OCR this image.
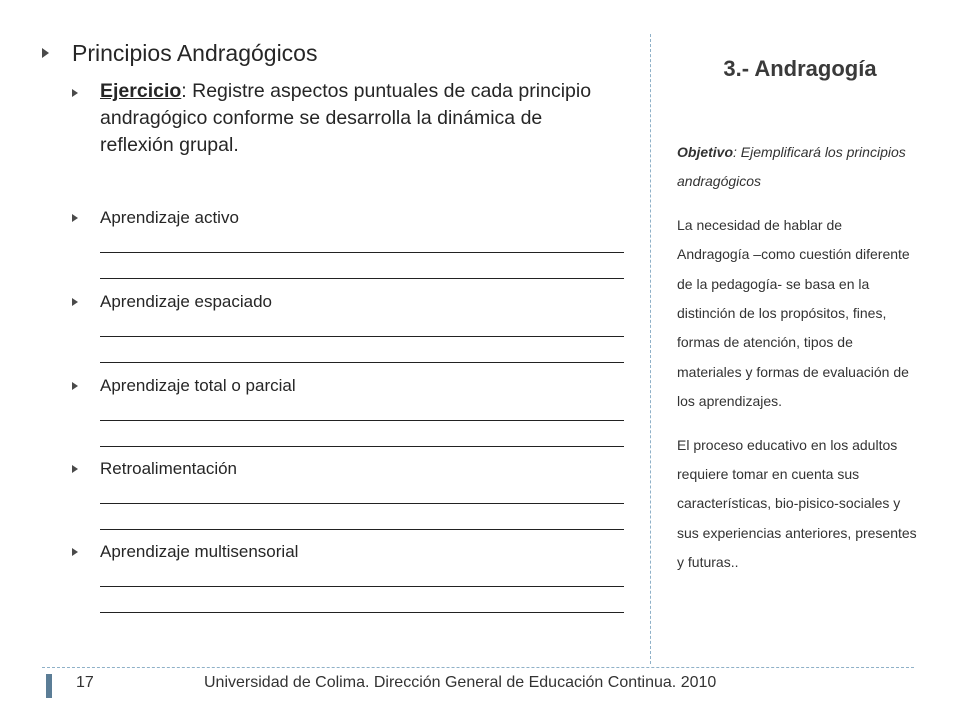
Principios Andragógicos
Ejercicio: Registre aspectos puntuales de cada principio andragógico conforme se desarrolla la dinámica de reflexión grupal.
Aprendizaje activo
Aprendizaje espaciado
Aprendizaje total o parcial
Retroalimentación
Aprendizaje multisensorial
3.- Andragogía

Objetivo: Ejemplificará los principios andragógicos

La necesidad de hablar de Andragogía –como cuestión diferente de la pedagogía- se basa en la distinción de los propósitos, fines, formas de atención, tipos de materiales y formas de evaluación de los aprendizajes.

El proceso educativo en los adultos requiere tomar en cuenta sus características, bio-pisico-sociales y sus experiencias anteriores, presentes y futuras..

17	Universidad de Colima. Dirección General de Educación Continua. 2010
